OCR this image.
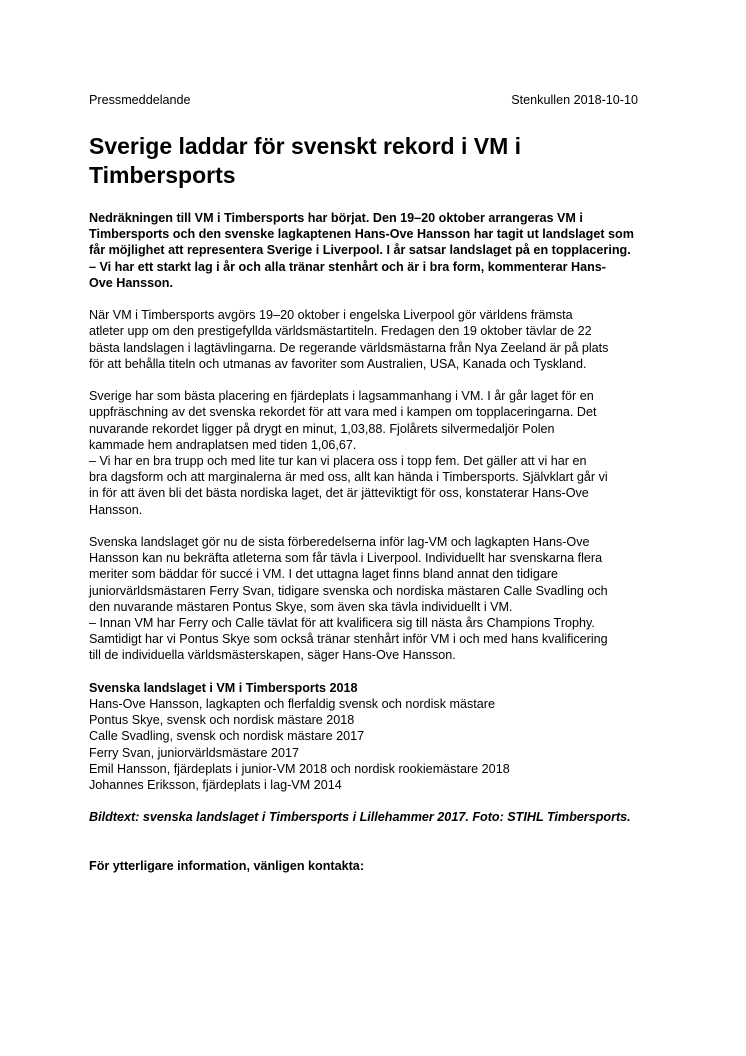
Pressmeddelande	Stenkullen 2018-10-10
Sverige laddar för svenskt rekord i VM i Timbersports

Nedräkningen till VM i Timbersports har börjat. Den 19–20 oktober arrangeras VM i
Timbersports och den svenske lagkaptenen Hans-Ove Hansson har tagit ut landslaget som
får möjlighet att representera Sverige i Liverpool. I år satsar landslaget på en topplacering.
– Vi har ett starkt lag i år och alla tränar stenhårt och är i bra form, kommenterar Hans-
Ove Hansson.

När VM i Timbersports avgörs 19–20 oktober i engelska Liverpool gör världens främsta
atleter upp om den prestigefyllda världsmästartiteln. Fredagen den 19 oktober tävlar de 22
bästa landslagen i lagtävlingarna. De regerande världsmästarna från Nya Zeeland är på plats
för att behålla titeln och utmanas av favoriter som Australien, USA, Kanada och Tyskland.

Sverige har som bästa placering en fjärdeplats i lagsammanhang i VM. I år går laget för en
uppfräschning av det svenska rekordet för att vara med i kampen om topplaceringarna. Det
nuvarande rekordet ligger på drygt en minut, 1,03,88. Fjolårets silvermedaljör Polen
kammade hem andraplatsen med tiden 1,06,67.
– Vi har en bra trupp och med lite tur kan vi placera oss i topp fem. Det gäller att vi har en
bra dagsform och att marginalerna är med oss, allt kan hända i Timbersports. Självklart går vi
in för att även bli det bästa nordiska laget, det är jätteviktigt för oss, konstaterar Hans-Ove
Hansson.

Svenska landslaget gör nu de sista förberedelserna inför lag-VM och lagkapten Hans-Ove
Hansson kan nu bekräfta atleterna som får tävla i Liverpool. Individuellt har svenskarna flera
meriter som bäddar för succé i VM. I det uttagna laget finns bland annat den tidigare
juniorvärldsmästaren Ferry Svan, tidigare svenska och nordiska mästaren Calle Svadling och
den nuvarande mästaren Pontus Skye, som även ska tävla individuellt i VM.
– Innan VM har Ferry och Calle tävlat för att kvalificera sig till nästa års Champions Trophy.
Samtidigt har vi Pontus Skye som också tränar stenhårt inför VM i och med hans kvalificering
till de individuella världsmästerskapen, säger Hans-Ove Hansson.

Svenska landslaget i VM i Timbersports 2018
Hans-Ove Hansson, lagkapten och flerfaldig svensk och nordisk mästare
Pontus Skye, svensk och nordisk mästare 2018
Calle Svadling, svensk och nordisk mästare 2017
Ferry Svan, juniorvärldsmästare 2017
Emil Hansson, fjärdeplats i junior-VM 2018 och nordisk rookiemästare 2018
Johannes Eriksson, fjärdeplats i lag-VM 2014

Bildtext: svenska landslaget i Timbersports i Lillehammer 2017. Foto: STIHL Timbersports.

För ytterligare information, vänligen kontakta:
